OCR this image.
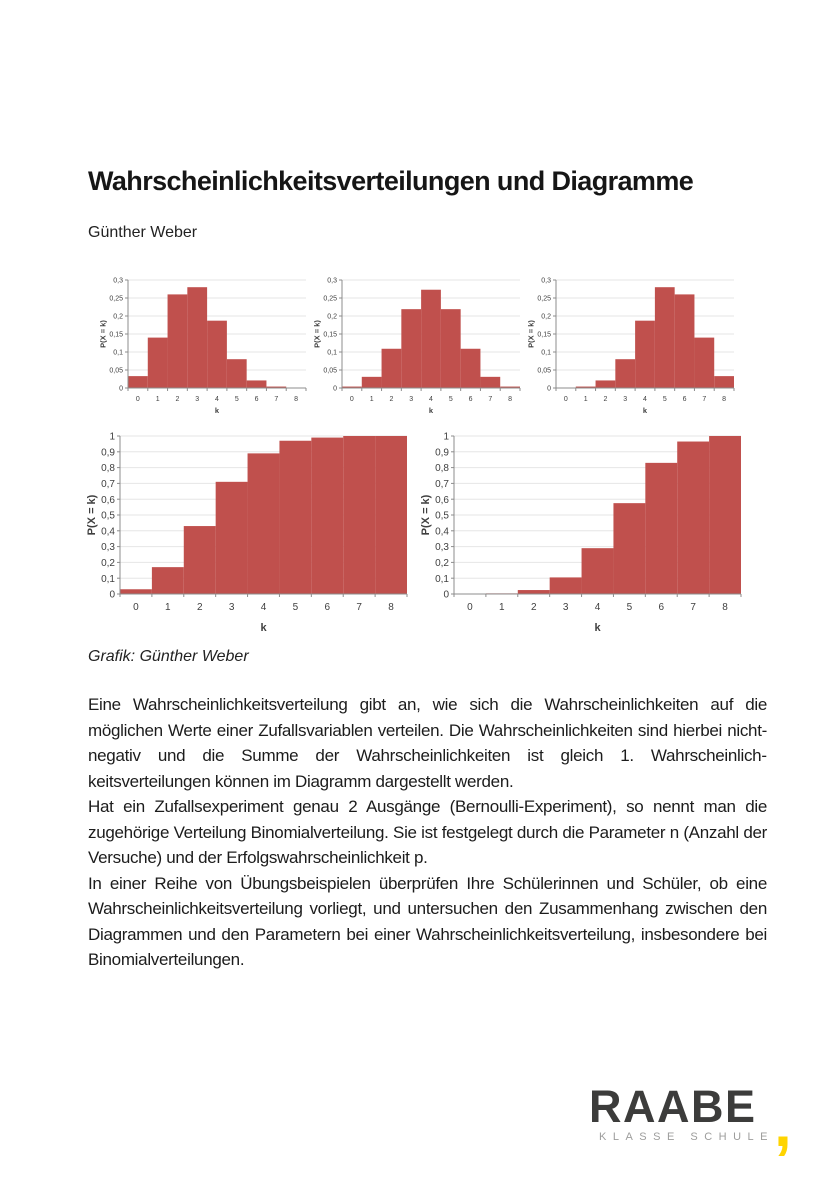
Wahrscheinlichkeitsverteilungen und Diagramme
Günther Weber
0
0,05
0,1
0,15
0,2
0,25
0,3
0 1 2 3 4 5 6 7 8
k
P(X = k)
0
0,05
0,1
0,15
0,2
0,25
0,3
0 1 2 3 4 5 6 7 8
k
P(X = k)
0
0,05
0,1
0,15
0,2
0,25
0,3
0 1 2 3 4 5 6 7 8
k
P(X = k)
0
0,1
0,2
0,3
0,4
0,5
0,6
0,7
0,8
0,9
1
0	1	2	3	4	5	6	7	8
k
P(X = k)
0
0,1
0,2
0,3
0,4
0,5
0,6
0,7
0,8
0,9
1
0	1	2	3	4	5	6	7	8
k
P(X = k)
Grafik: Günther Weber

Eine Wahrscheinlichkeitsverteilung gibt an, wie sich die Wahrscheinlichkeiten auf die möglichen Werte einer Zufallsvariablen verteilen. Die Wahrscheinlichkeiten sind hierbei nicht-negativ und die Summe der Wahrscheinlichkeiten ist gleich 1. Wahrscheinlichkeitsverteilungen können im Diagramm dargestellt werden.

Hat ein Zufallsexperiment genau 2 Ausgänge (Bernoulli-Experiment), so nennt man die zugehörige Verteilung Binomialverteilung. Sie ist festgelegt durch die Parameter n (Anzahl der Versuche) und der Erfolgswahrscheinlichkeit p.

In einer Reihe von Übungsbeispielen überprüfen Ihre Schülerinnen und Schüler, ob eine Wahrscheinlichkeitsverteilung vorliegt, und untersuchen den Zusammenhang zwischen den Diagrammen und den Parametern bei einer Wahrscheinlichkeitsverteilung, insbesondere bei Binomialverteilungen.

RAABE
KLASSE SCHULE ,
